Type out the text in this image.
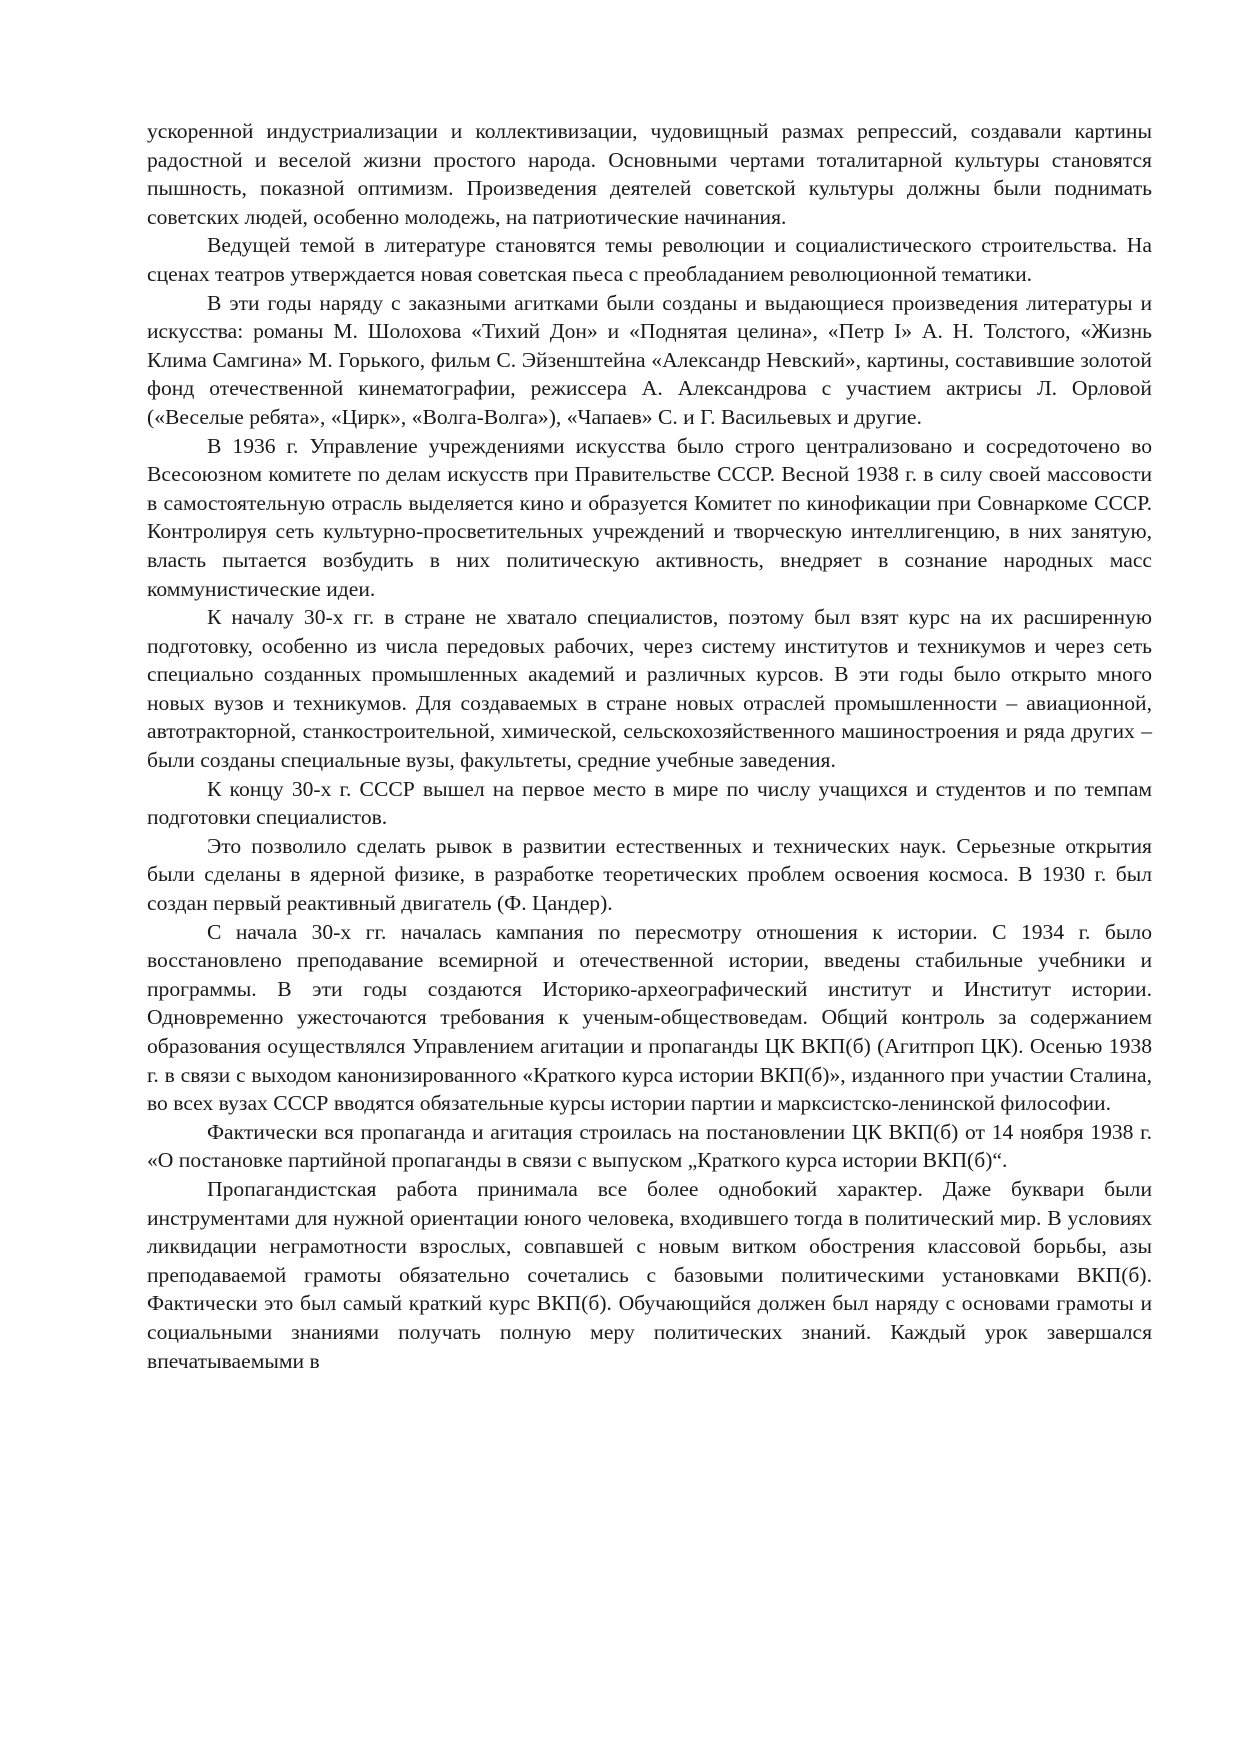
ускоренной индустриализации и коллективизации, чудовищный размах репрессий, создавали картины радостной и веселой жизни простого народа. Основными чертами тоталитарной культуры становятся пышность, показной оптимизм. Произведения деятелей советской культуры должны были поднимать советских людей, особенно молодежь, на патриотические начинания.

Ведущей темой в литературе становятся темы революции и социалистического строительства. На сценах театров утверждается новая советская пьеса с преобладанием революционной тематики.

В эти годы наряду с заказными агитками были созданы и выдающиеся произведения литературы и искусства: романы М. Шолохова «Тихий Дон» и «Поднятая целина», «Петр I» А. Н. Толстого, «Жизнь Клима Самгина» М. Горького, фильм С. Эйзенштейна «Александр Невский», картины, составившие золотой фонд отечественной кинематографии, режиссера А. Александрова с участием актрисы Л. Орловой («Веселые ребята», «Цирк», «Волга-Волга»), «Чапаев» С. и Г. Васильевых и другие.

В 1936 г. Управление учреждениями искусства было строго централизовано и сосредоточено во Всесоюзном комитете по делам искусств при Правительстве СССР. Весной 1938 г. в силу своей массовости в самостоятельную отрасль выделяется кино и образуется Комитет по кинофикации при Совнаркоме СССР. Контролируя сеть культурно-просветительных учреждений и творческую интеллигенцию, в них занятую, власть пытается возбудить в них политическую активность, внедряет в сознание народных масс коммунистические идеи.

К началу 30-х гг. в стране не хватало специалистов, поэтому был взят курс на их расширенную подготовку, особенно из числа передовых рабочих, через систему институтов и техникумов и через сеть специально созданных промышленных академий и различных курсов. В эти годы было открыто много новых вузов и техникумов. Для создаваемых в стране новых отраслей промышленности – авиационной, автотракторной, станкостроительной, химической, сельскохозяйственного машиностроения и ряда других – были созданы специальные вузы, факультеты, средние учебные заведения.

К концу 30-х г. СССР вышел на первое место в мире по числу учащихся и студентов и по темпам подготовки специалистов.

Это позволило сделать рывок в развитии естественных и технических наук. Серьезные открытия были сделаны в ядерной физике, в разработке теоретических проблем освоения космоса. В 1930 г. был создан первый реактивный двигатель (Ф. Цандер).

С начала 30-х гг. началась кампания по пересмотру отношения к истории. С 1934 г. было восстановлено преподавание всемирной и отечественной истории, введены стабильные учебники и программы. В эти годы создаются Историко-археографический институт и Институт истории. Одновременно ужесточаются требования к ученым-обществоведам. Общий контроль за содержанием образования осуществлялся Управлением агитации и пропаганды ЦК ВКП(б) (Агитпроп ЦК). Осенью 1938 г. в связи с выходом канонизированного «Краткого курса истории ВКП(б)», изданного при участии Сталина, во всех вузах СССР вводятся обязательные курсы истории партии и марксистско-ленинской философии.

Фактически вся пропаганда и агитация строилась на постановлении ЦК ВКП(б) от 14 ноября 1938 г. «О постановке партийной пропаганды в связи с выпуском „Краткого курса истории ВКП(б)“.

Пропагандистская работа принимала все более однобокий характер. Даже буквари были инструментами для нужной ориентации юного человека, входившего тогда в политический мир. В условиях ликвидации неграмотности взрослых, совпавшей с новым витком обострения классовой борьбы, азы преподаваемой грамоты обязательно сочетались с базовыми политическими установками ВКП(б). Фактически это был самый краткий курс ВКП(б). Обучающийся должен был наряду с основами грамоты и социальными знаниями получать полную меру политических знаний. Каждый урок завершался впечатываемыми в
